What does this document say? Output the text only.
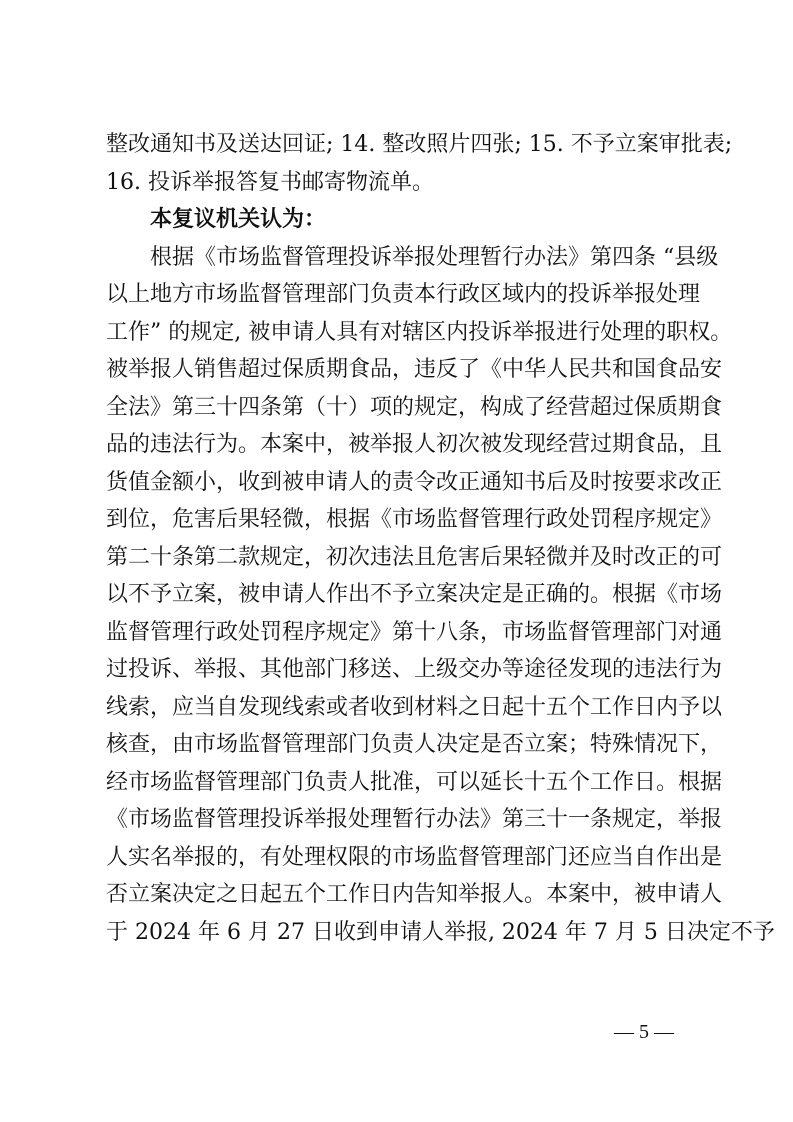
整改通知书及送达回证; 14. 整改照片四张; 15. 不予立案审批表;
16. 投诉举报答复书邮寄物流单。
本复议机关认为：
根据《市场监督管理投诉举报处理暂行办法》第四条 “县级
以上地方市场监督管理部门负责本行政区域内的投诉举报处理
工作” 的规定, 被申请人具有对辖区内投诉举报进行处理的职权。
被举报人销售超过保质期食品，违反了《中华人民共和国食品安
全法》第三十四条第（十）项的规定，构成了经营超过保质期食
品的违法行为。本案中，被举报人初次被发现经营过期食品，且
货值金额小，收到被申请人的责令改正通知书后及时按要求改正
到位，危害后果轻微，根据《市场监督管理行政处罚程序规定》
第二十条第二款规定，初次违法且危害后果轻微并及时改正的可
以不予立案，被申请人作出不予立案决定是正确的。根据《市场
监督管理行政处罚程序规定》第十八条，市场监督管理部门对通
过投诉、举报、其他部门移送、上级交办等途径发现的违法行为
线索，应当自发现线索或者收到材料之日起十五个工作日内予以
核查，由市场监督管理部门负责人决定是否立案；特殊情况下，
经市场监督管理部门负责人批准，可以延长十五个工作日。根据
《市场监督管理投诉举报处理暂行办法》第三十一条规定，举报
人实名举报的，有处理权限的市场监督管理部门还应当自作出是
否立案决定之日起五个工作日内告知举报人。本案中，被申请人
于 2024 年 6 月 27 日收到申请人举报, 2024 年 7 月 5 日决定不予
— 5 —
